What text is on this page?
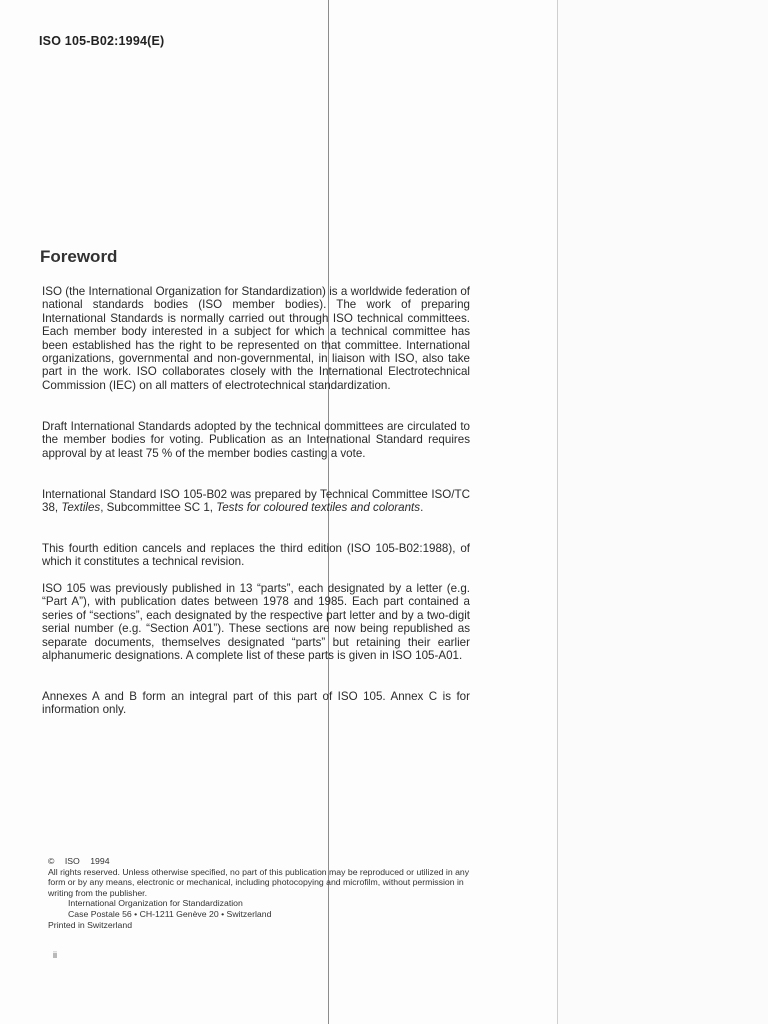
ISO 105-B02:1994(E)
Foreword

ISO (the International Organization for Standardization) is a worldwide federation of national standards bodies (ISO member bodies). The work of preparing International Standards is normally carried out through ISO technical committees. Each member body interested in a subject for which a technical committee has been established has the right to be represented on that committee. International organizations, governmental and non-governmental, in liaison with ISO, also take part in the work. ISO collaborates closely with the International Electrotechnical Commission (IEC) on all matters of electrotechnical standardization.

Draft International Standards adopted by the technical committees are circulated to the member bodies for voting. Publication as an International Standard requires approval by at least 75 % of the member bodies casting a vote.

International Standard ISO 105-B02 was prepared by Technical Committee ISO/TC 38, Textiles, Subcommittee SC 1, Tests for coloured textiles and colorants.

This fourth edition cancels and replaces the third edition (ISO 105-B02:1988), of which it constitutes a technical revision.

ISO 105 was previously published in 13 “parts”, each designated by a letter (e.g. “Part A”), with publication dates between 1978 and 1985. Each part contained a series of “sections”, each designated by the respective part letter and by a two-digit serial number (e.g. “Section A01”). These sections are now being republished as separate documents, themselves designated “parts” but retaining their earlier alphanumeric designations. A complete list of these parts is given in ISO 105-A01.

Annexes A and B form an integral part of this part of ISO 105. Annex C is for information only.

© ISO 1994
All rights reserved. Unless otherwise specified, no part of this publication may be reproduced or utilized in any form or by any means, electronic or mechanical, including photocopying and microfilm, without permission in writing from the publisher.
International Organization for Standardization
Case Postale 56 • CH-1211 Genève 20 • Switzerland
Printed in Switzerland
ii
